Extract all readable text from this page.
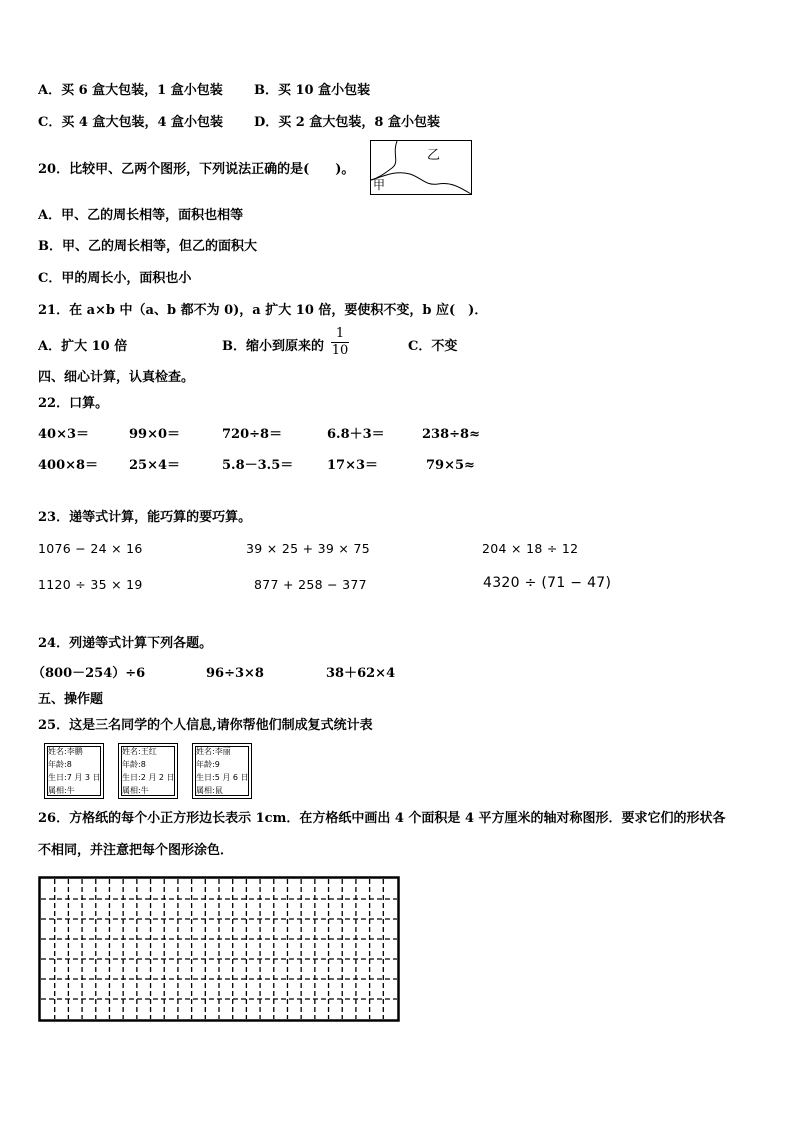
A．买 6 盒大包装，1 盒小包装 B．买 10 盒小包装
C．买 4 盒大包装，4 盒小包装 D．买 2 盒大包装，8 盒小包装
20．比较甲、乙两个图形，下列说法正确的是(　　)。
乙
甲
A．甲、乙的周长相等，面积也相等
B．甲、乙的周长相等，但乙的面积大
C．甲的周长小，面积也小
21．在 a×b 中（a、b 都不为 0)，a 扩大 10 倍，要使积不变，b 应(　)．
A．扩大 10 倍	B．缩小到原来的
1
10	C．不变
四、细心计算，认真检查。
22．口算。
40×3＝	99×0＝	720÷8＝	6.8＋3＝	238÷8≈
400×8＝ 25×4＝	5.8－3.5＝	17×3＝	79×5≈
23．递等式计算，能巧算的要巧算。
1076 − 24 × 16	39 × 25 + 39 × 75	204 × 18 ÷ 12
1120 ÷ 35 × 19	877 + 258 − 377	4320 ÷ (71 − 47)
24．列递等式计算下列各题。
（800－254）÷6	96÷3×8	38＋62×4
五、操作题
25．这是三名同学的个人信息,请你帮他们制成复式统计表
姓名:李鹏
年龄:8
生日:7 月 3 日
属相:牛
姓名:王红
年龄:8
生日:2 月 2 日
属相:牛
姓名:李丽
年龄:9
生日:5 月 6 日
属相:鼠
26．方格纸的每个小正方形边长表示 1cm．在方格纸中画出 4 个面积是 4 平方厘米的轴对称图形．要求它们的形状各
不相同，并注意把每个图形涂色．
